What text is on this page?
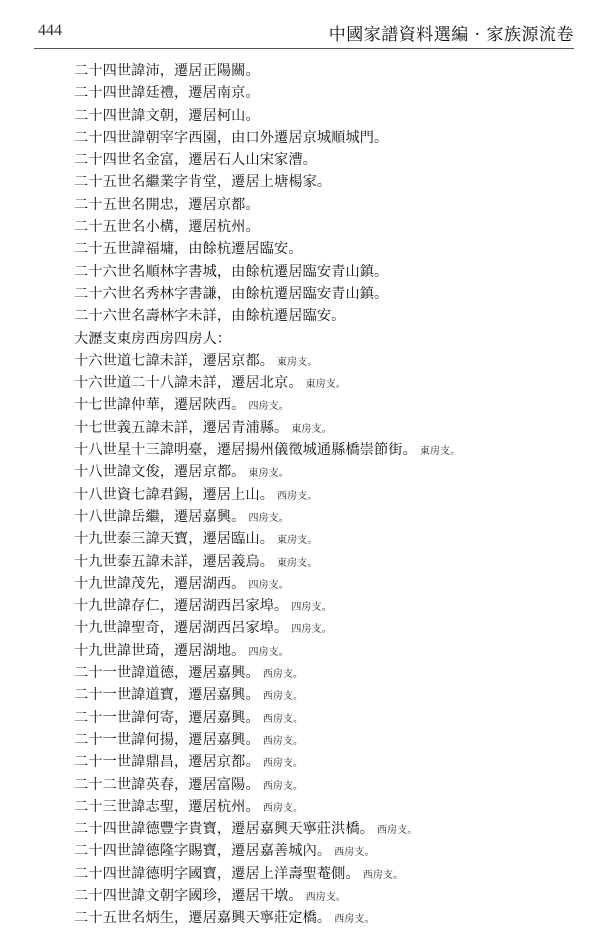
444	中國家譜資料選編 · 家族源流卷
二十四世諱沛，遷居正陽關。
二十四世諱廷禮，遷居南京。
二十四世諱文朝，遷居柯山。
二十四世諱朝宰字西園，由口外遷居京城順城門。
二十四世名金富，遷居石人山宋家漕。
二十五世名繼業字肯堂，遷居上塘楊家。
二十五世名開忠，遷居京都。
二十五世名小構，遷居杭州。
二十五世諱福墉，由餘杭遷居臨安。
二十六世名順林字書城，由餘杭遷居臨安青山鎮。
二十六世名秀林字書謙，由餘杭遷居臨安青山鎮。
二十六世名壽林字未詳，由餘杭遷居臨安。
大瀝支東房西房四房人：
十六世道七諱未詳，遷居京都。 東房支。
十六世道二十八諱未詳，遷居北京。 東房支。
十七世諱仲華，遷居陝西。 四房支。
十七世義五諱未詳，遷居青浦縣。 東房支。
十八世星十三諱明臺，遷居揚州儀徵城通縣橋崇節街。 東房支。
十八世諱文俊，遷居京都。 東房支。
十八世資七諱君錫，遷居上山。 西房支。
十八世諱岳繼，遷居嘉興。 四房支。
十九世泰三諱天寶，遷居臨山。 東房支。
十九世泰五諱未詳，遷居義烏。 東房支。
十九世諱茂先，遷居湖西。 四房支。
十九世諱存仁，遷居湖西呂家埠。 四房支。
十九世諱聖奇，遷居湖西呂家埠。 四房支。
十九世諱世琦，遷居湖地。 四房支。
二十一世諱道德，遷居嘉興。 西房支。
二十一世諱道寶，遷居嘉興。 西房支。
二十一世諱何寄，遷居嘉興。 西房支。
二十一世諱何揚，遷居嘉興。 西房支。
二十一世諱鼎昌，遷居京都。 西房支。
二十二世諱英春，遷居富陽。 西房支。
二十三世諱志聖，遷居杭州。 西房支。
二十四世諱德豐字貴寶，遷居嘉興天寧莊洪橋。 西房支。
二十四世諱德隆字賜寶，遷居嘉善城內。 西房支。
二十四世諱德明字國寶，遷居上洋壽聖菴側。 西房支。
二十四世諱文朝字國珍，遷居干墩。 西房支。
二十五世名炳生，遷居嘉興天寧莊定橋。 西房支。
